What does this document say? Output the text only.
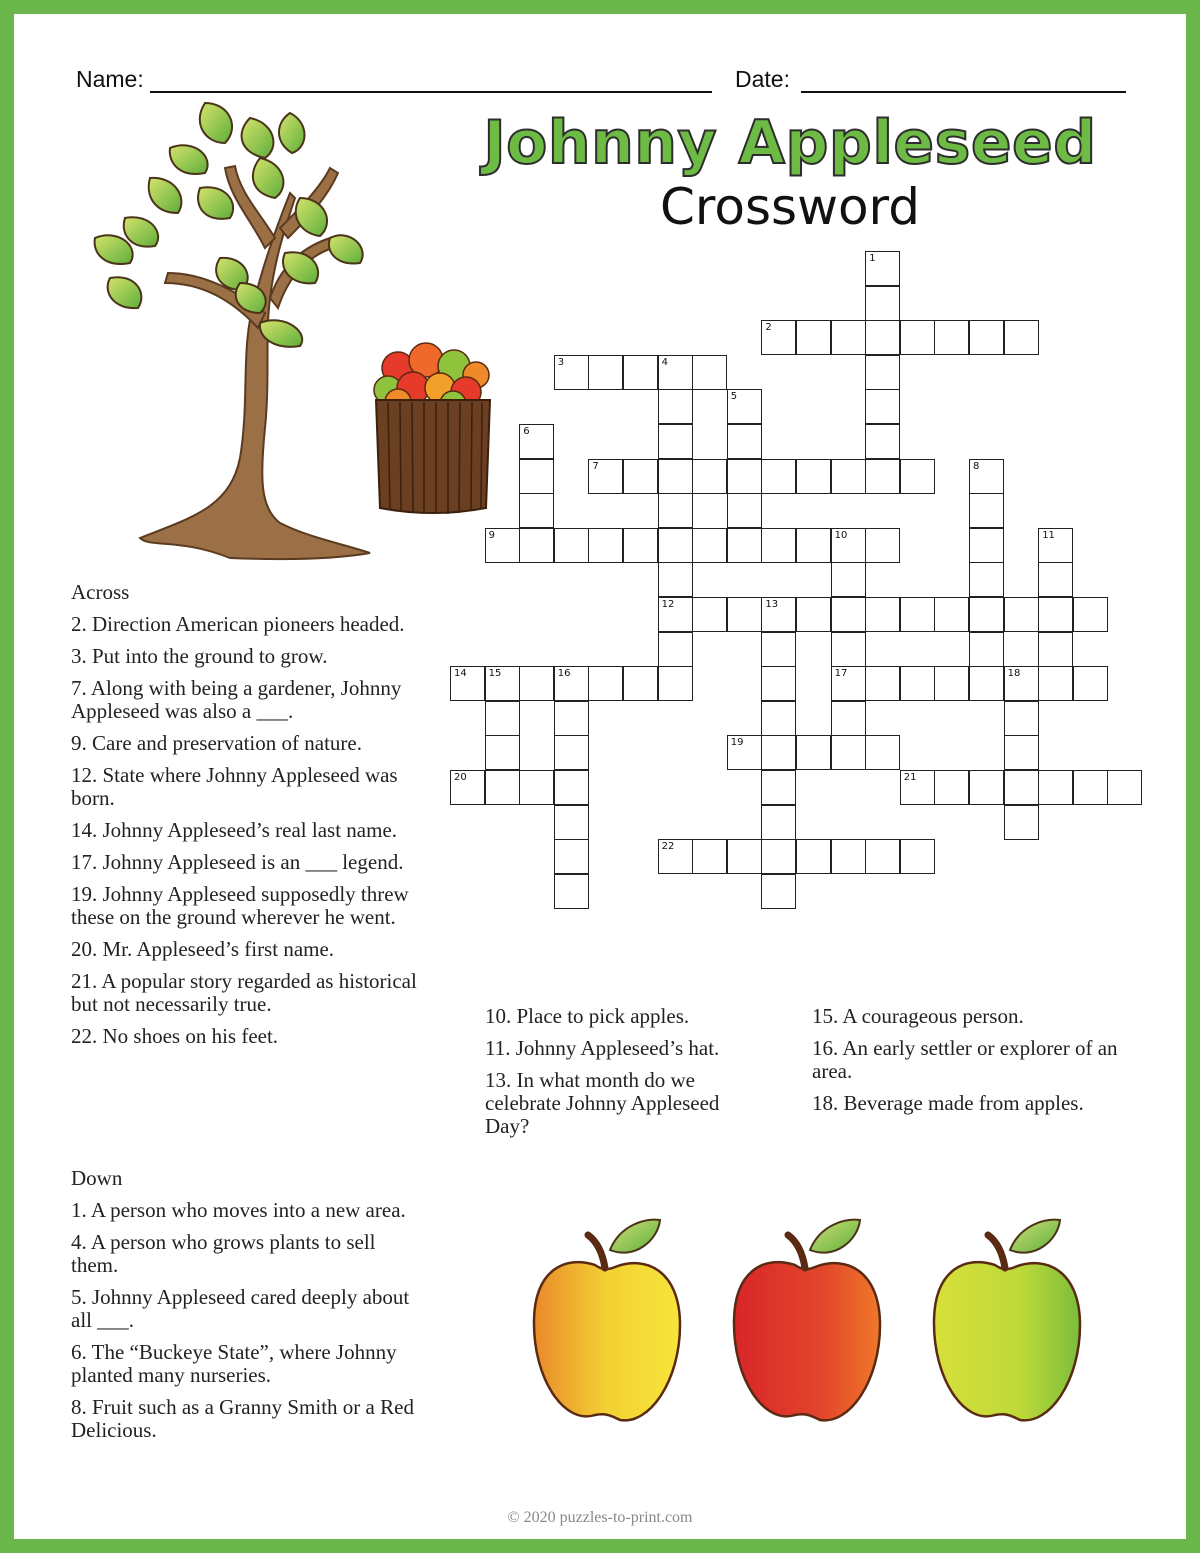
Name:	Date:
Johnny Appleseed
Crossword
1
2
3	4
5
6
7	8
9	10	11
12	13
14 15	16	17	18
19
20	21
22
Across
2. Direction American pioneers headed.
3. Put into the ground to grow.
7. Along with being a gardener, Johnny Appleseed was also a ___.
9. Care and preservation of nature.
12. State where Johnny Appleseed was born.
14. Johnny Appleseed’s real last name.
17. Johnny Appleseed is an ___ legend.
19. Johnny Appleseed supposedly threw these on the ground wherever he went.
20. Mr. Appleseed’s first name.
21. A popular story regarded as historical but not necessarily true.
22. No shoes on his feet.
Down
1. A person who moves into a new area.
4. A person who grows plants to sell them.
5. Johnny Appleseed cared deeply about all ___.
6. The “Buckeye State”, where Johnny planted many nurseries.
8. Fruit such as a Granny Smith or a Red Delicious.
10. Place to pick apples.
11. Johnny Appleseed’s hat.
13. In what month do we celebrate Johnny Appleseed Day?
15. A courageous person.
16. An early settler or explorer of an area.
18. Beverage made from apples.
© 2020 puzzles-to-print.com
